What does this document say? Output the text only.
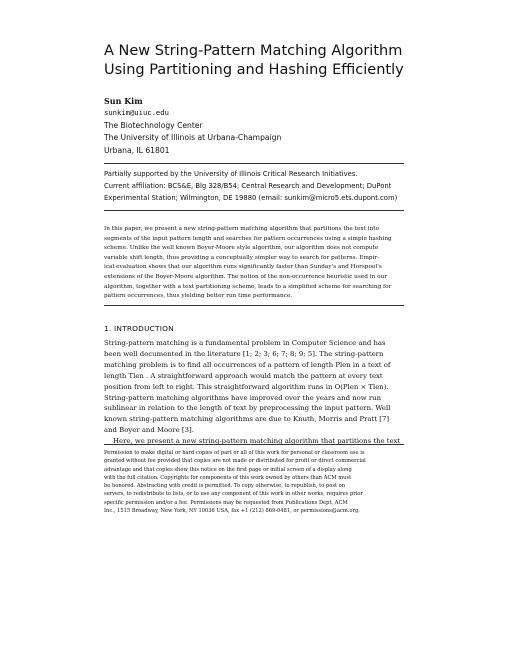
A New String-Pattern Matching Algorithm Using Partitioning and Hashing Efficiently
Sun Kim
sunkim@uiuc.edu
The Biotechnology Center
The University of Illinois at Urbana-Champaign
Urbana, IL 61801
Partially supported by the University of Illinois Critical Research Initiatives.
Current affiliation: BCS&E, Blg 328/B54; Central Research and Development; DuPont
Experimental Station; Wilmington, DE 19880 (email: sunkim@micro5.ets.dupont.com)
In this paper, we present a new string-pattern matching algorithm that partitions the text into
segments of the input pattern length and searches for pattern occurrences using a simple hashing
scheme. Unlike the well known Boyer-Moore style algorithm, our algorithm does not compute
variable shift length, thus providing a conceptually simpler way to search for patterns. Empir-
ical evaluation shows that our algorithm runs significantly faster than Sunday's and Horspool's
extensions of the Boyer-Moore algorithm. The notion of the non-occurrence heuristic used in our
algorithm, together with a text partitioning scheme, leads to a simplified scheme for searching for
pattern occurrences, thus yielding better run time performance.
1. INTRODUCTION
String-pattern matching is a fundamental problem in Computer Science and has
been well documented in the literature [1; 2; 3; 6; 7; 8; 9; 5]. The string-pattern
matching problem is to find all occurrences of a pattern of length Plen in a text of
length Tlen . A straightforward approach would match the pattern at every text
position from left to right. This straightforward algorithm runs in O(Plen × Tlen).
String-pattern matching algorithms have improved over the years and now run
sublinear in relation to the length of text by preprocessing the input pattern. Well
known string-pattern matching algorithms are due to Knuth, Morris and Pratt [7]
and Boyer and Moore [3].
Here, we present a new string-pattern matching algorithm that partitions the text
Permission to make digital or hard copies of part or all of this work for personal or classroom use is
granted without fee provided that copies are not made or distributed for profit or direct commercial
advantage and that copies show this notice on the first page or initial screen of a display along
with the full citation. Copyrights for components of this work owned by others than ACM must
be honored. Abstracting with credit is permitted. To copy otherwise, to republish, to post on
servers, to redistribute to lists, or to use any component of this work in other works, requires prior
specific permission and/or a fee. Permissions may be requested from Publications Dept, ACM
Inc., 1515 Broadway, New York, NY 10036 USA, fax +1 (212) 869-0481, or permissions@acm.org.
